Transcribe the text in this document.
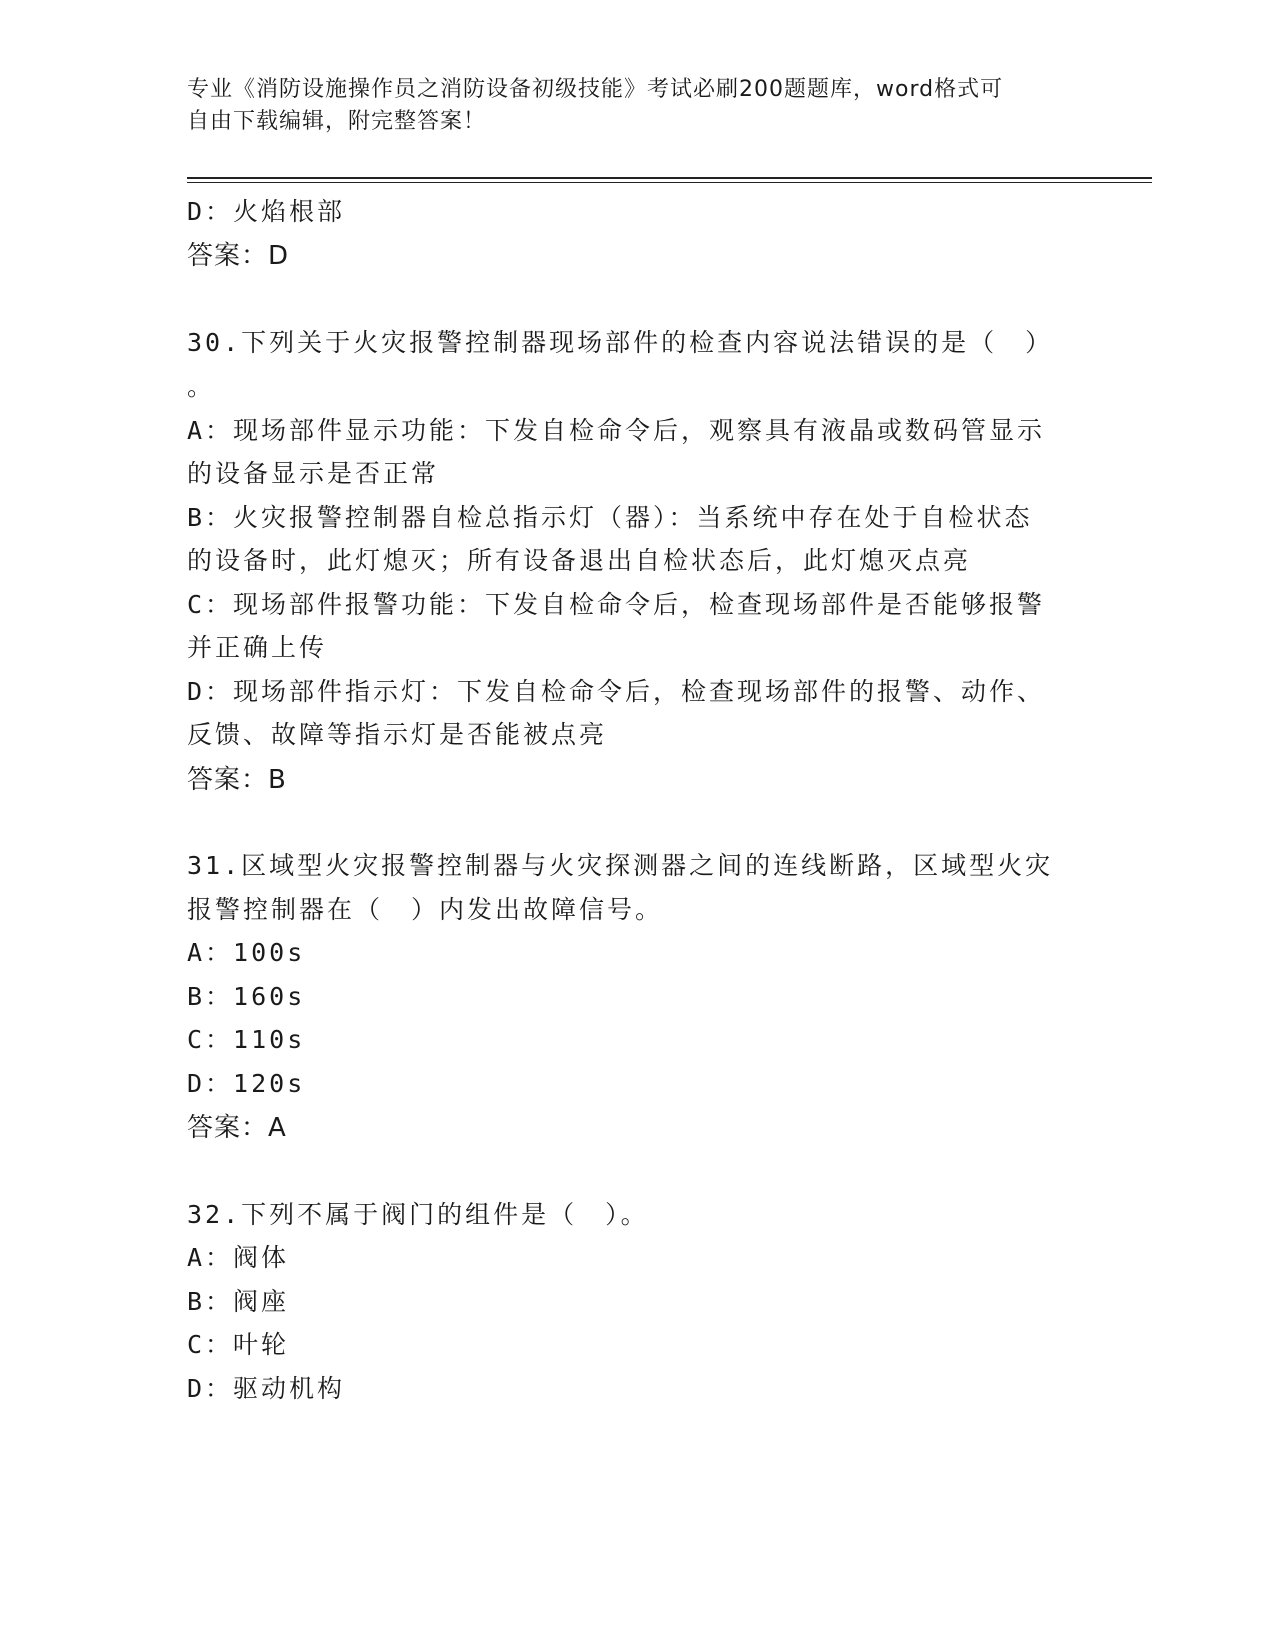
专业《消防设施操作员之消防设备初级技能》考试必刷200题题库，word格式可
自由下载编辑，附完整答案！
D：火焰根部
答案：D
30.下列关于火灾报警控制器现场部件的检查内容说法错误的是（　）
。
A：现场部件显示功能：下发自检命令后，观察具有液晶或数码管显示
的设备显示是否正常
B：火灾报警控制器自检总指示灯（器）：当系统中存在处于自检状态
的设备时，此灯熄灭；所有设备退出自检状态后，此灯熄灭点亮
C：现场部件报警功能：下发自检命令后，检查现场部件是否能够报警
并正确上传
D：现场部件指示灯：下发自检命令后，检查现场部件的报警、动作、
反馈、故障等指示灯是否能被点亮
答案：B
31.区域型火灾报警控制器与火灾探测器之间的连线断路，区域型火灾
报警控制器在（　）内发出故障信号。
A：100s
B：160s
C：110s
D：120s
答案：A
32.下列不属于阀门的组件是（　）。
A：阀体
B：阀座
C：叶轮
D：驱动机构
